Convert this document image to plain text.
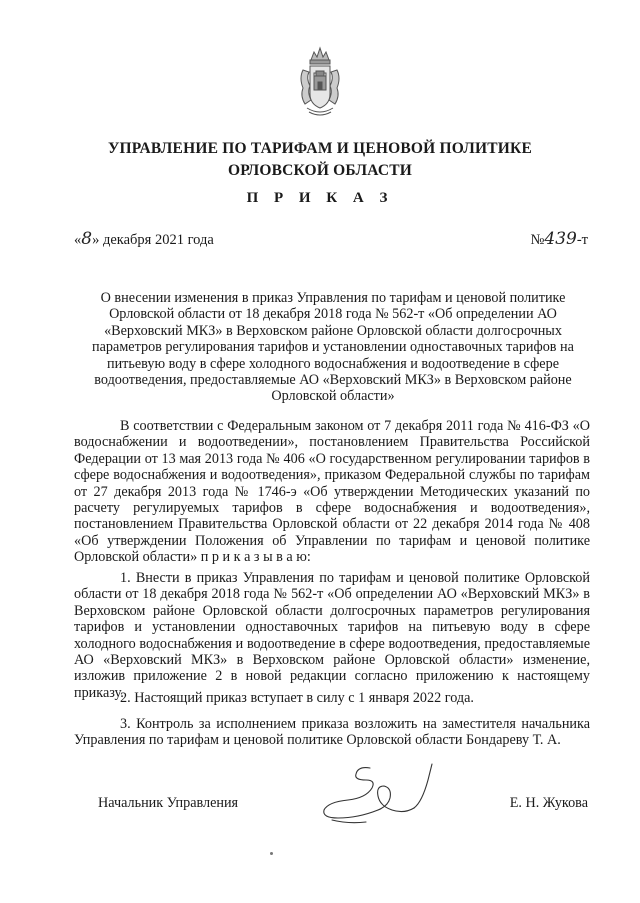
УПРАВЛЕНИЕ ПО ТАРИФАМ И ЦЕНОВОЙ ПОЛИТИКЕ
ОРЛОВСКОЙ ОБЛАСТИ
П Р И К А З
«8» декабря 2021 года	№439-т
О внесении изменения в приказ Управления по тарифам и ценовой политике Орловской области от 18 декабря 2018 года № 562-т «Об определении АО «Верховский МКЗ» в Верховском районе Орловской области долгосрочных параметров регулирования тарифов и установлении одноставочных тарифов на питьевую воду в сфере холодного водоснабжения и водоотведение в сфере водоотведения, предоставляемые АО «Верховский МКЗ» в Верховском районе Орловской области»
В соответствии с Федеральным законом от 7 декабря 2011 года № 416-ФЗ «О водоснабжении и водоотведении», постановлением Правительства Российской Федерации от 13 мая 2013 года № 406 «О государственном регулировании тарифов в сфере водоснабжения и водоотведения», приказом Федеральной службы по тарифам от 27 декабря 2013 года № 1746-э «Об утверждении Методических указаний по расчету регулируемых тарифов в сфере водоснабжения и водоотведения», постановлением Правительства Орловской области от 22 декабря 2014 года № 408 «Об утверждении Положения об Управлении по тарифам и ценовой политике Орловской области» п р и к а з ы в а ю:
1. Внести в приказ Управления по тарифам и ценовой политике Орловской области от 18 декабря 2018 года № 562-т «Об определении АО «Верховский МКЗ» в Верховском районе Орловской области долгосрочных параметров регулирования тарифов и установлении одноставочных тарифов на питьевую воду в сфере холодного водоснабжения и водоотведение в сфере водоотведения, предоставляемые АО «Верховский МКЗ» в Верховском районе Орловской области» изменение, изложив приложение 2 в новой редакции согласно приложению к настоящему приказу.
2. Настоящий приказ вступает в силу с 1 января 2022 года.
3. Контроль за исполнением приказа возложить на заместителя начальника Управления по тарифам и ценовой политике Орловской области Бондареву Т. А.
Начальник Управления	Е. Н. Жукова
